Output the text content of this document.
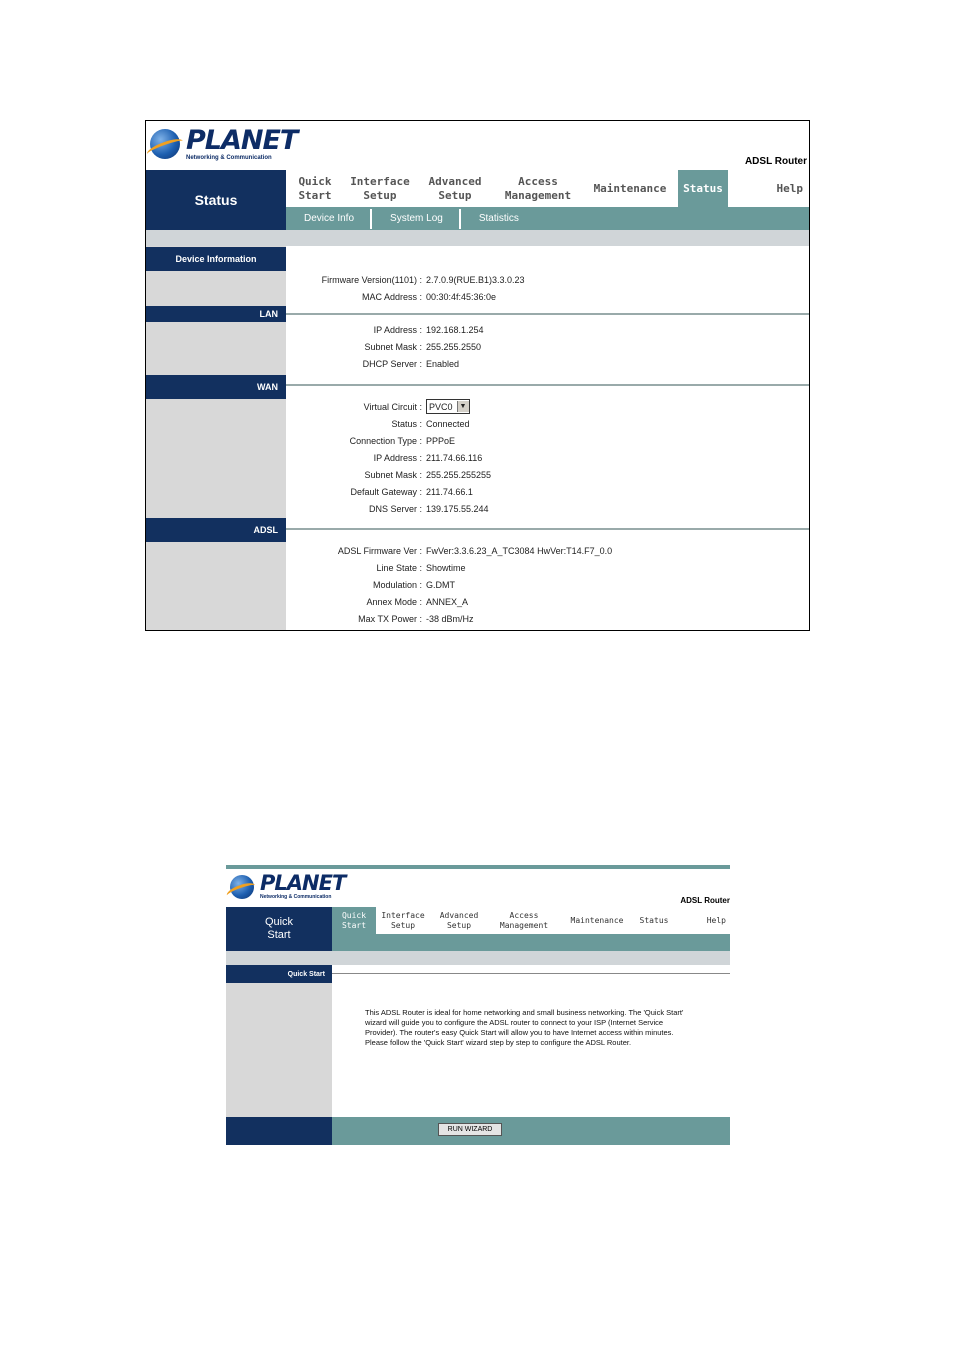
PLANET
Networking & Communication	ADSL Router
Status
Quick
Start
Interface
Setup
Advanced
Setup
Access
Management
Maintenance	Status	Help
Device Info	System Log	Statistics
Device Information
Firmware Version(1101) : 2.7.0.9(RUE.B1)3.3.0.23
MAC Address : 00:30:4f:45:36:0e
LAN
IP Address : 192.168.1.254
Subnet Mask : 255.255.2550
DHCP Server : Enabled
WAN
Virtual Circuit : PVC0	▼
Status : Connected
Connection Type : PPPoE
IP Address : 211.74.66.116
Subnet Mask : 255.255.255255
Default Gateway : 211.74.66.1
DNS Server : 139.175.55.244
ADSL
ADSL Firmware Ver : FwVer:3.3.6.23_A_TC3084 HwVer:T14.F7_0.0
Line State : Showtime
Modulation : G.DMT
Annex Mode : ANNEX_A
Max TX Power : -38 dBm/Hz
PLANET
Networking & Communication	ADSL Router
Quick
Start
Quick
Start
Interface
Setup
Advanced
Setup
Access
Management
Maintenance	Status	Help
Quick Start
This ADSL Router is ideal for home networking and small business networking. The 'Quick Start' wizard will guide you to configure the ADSL router to connect to your ISP (Internet Service Provider). The router's easy Quick Start will allow you to have Internet access within minutes. Please follow the 'Quick Start' wizard step by step to configure the ADSL Router.
RUN WIZARD
